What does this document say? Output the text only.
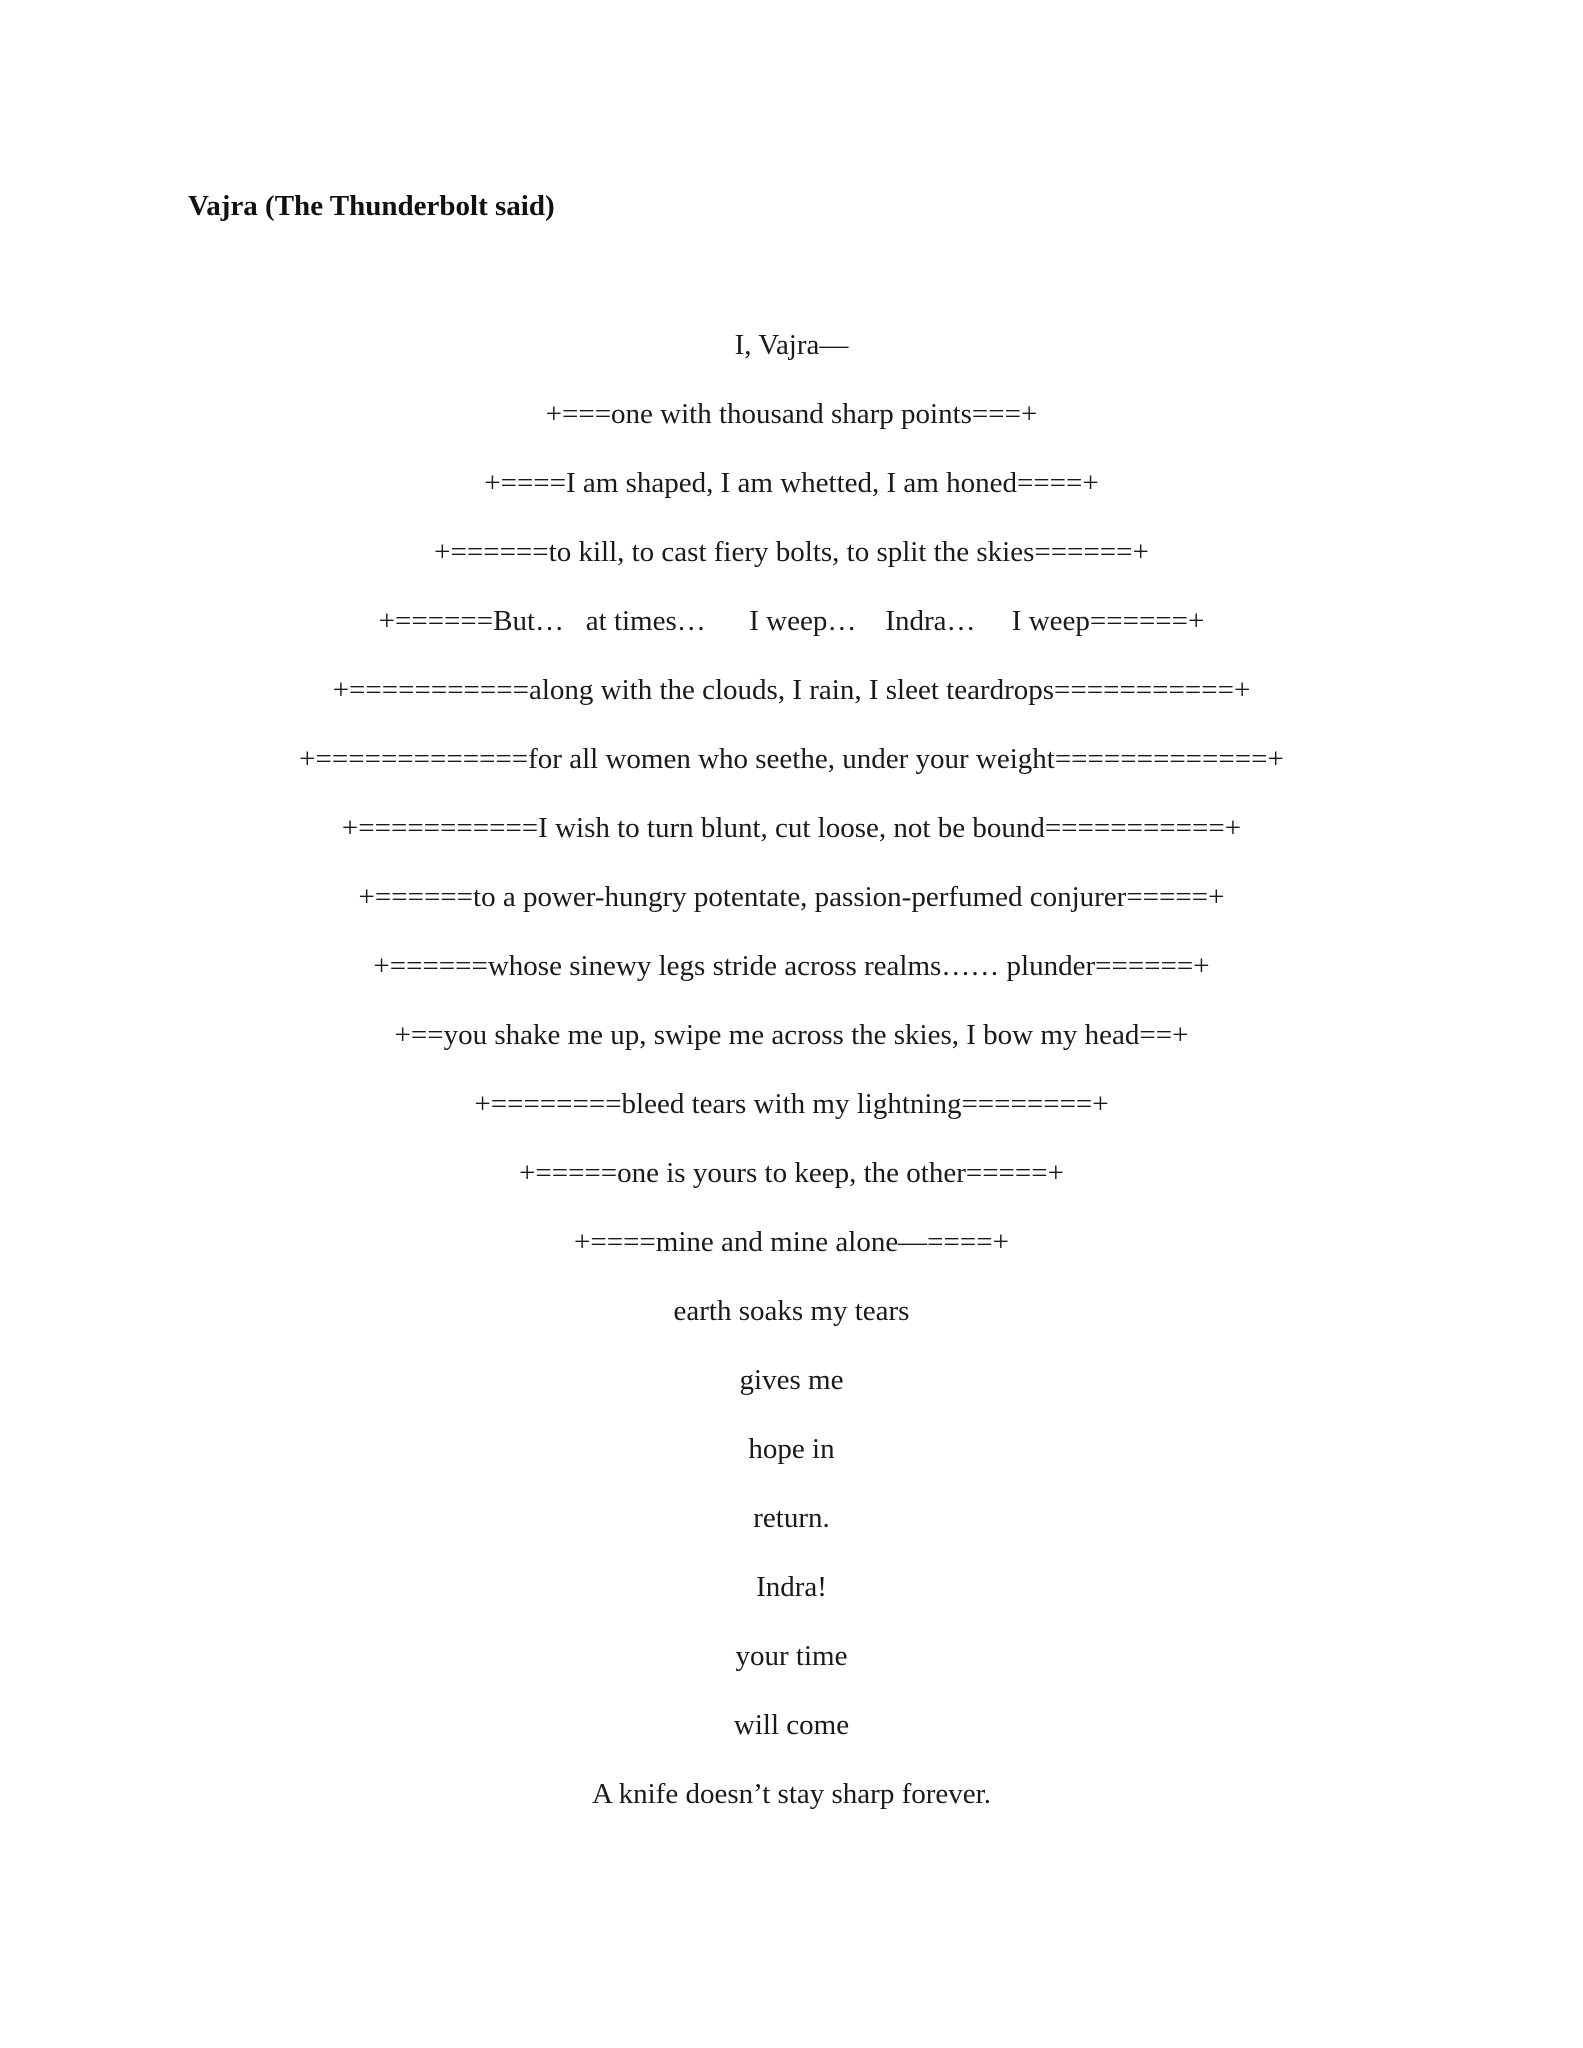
Vajra (The Thunderbolt said)
I, Vajra—
+===one with thousand sharp points===+
+====I am shaped, I am whetted, I am honed====+
+======to kill, to cast fiery bolts, to split the skies======+
+======But…   at times…      I weep…    Indra…     I weep======+
+===========along with the clouds, I rain, I sleet teardrops===========+
+=============for all women who seethe, under your weight=============+
+===========I wish to turn blunt, cut loose, not be bound===========+
+======to a power-hungry potentate, passion-perfumed conjurer=====+
+======whose sinewy legs stride across realms…… plunder======+
+==you shake me up, swipe me across the skies, I bow my head==+
+========bleed tears with my lightning========+
+=====one is yours to keep, the other=====+
+====mine and mine alone—====+
earth soaks my tears
gives me
hope in
return.
Indra!
your time
will come
A knife doesn’t stay sharp forever.
